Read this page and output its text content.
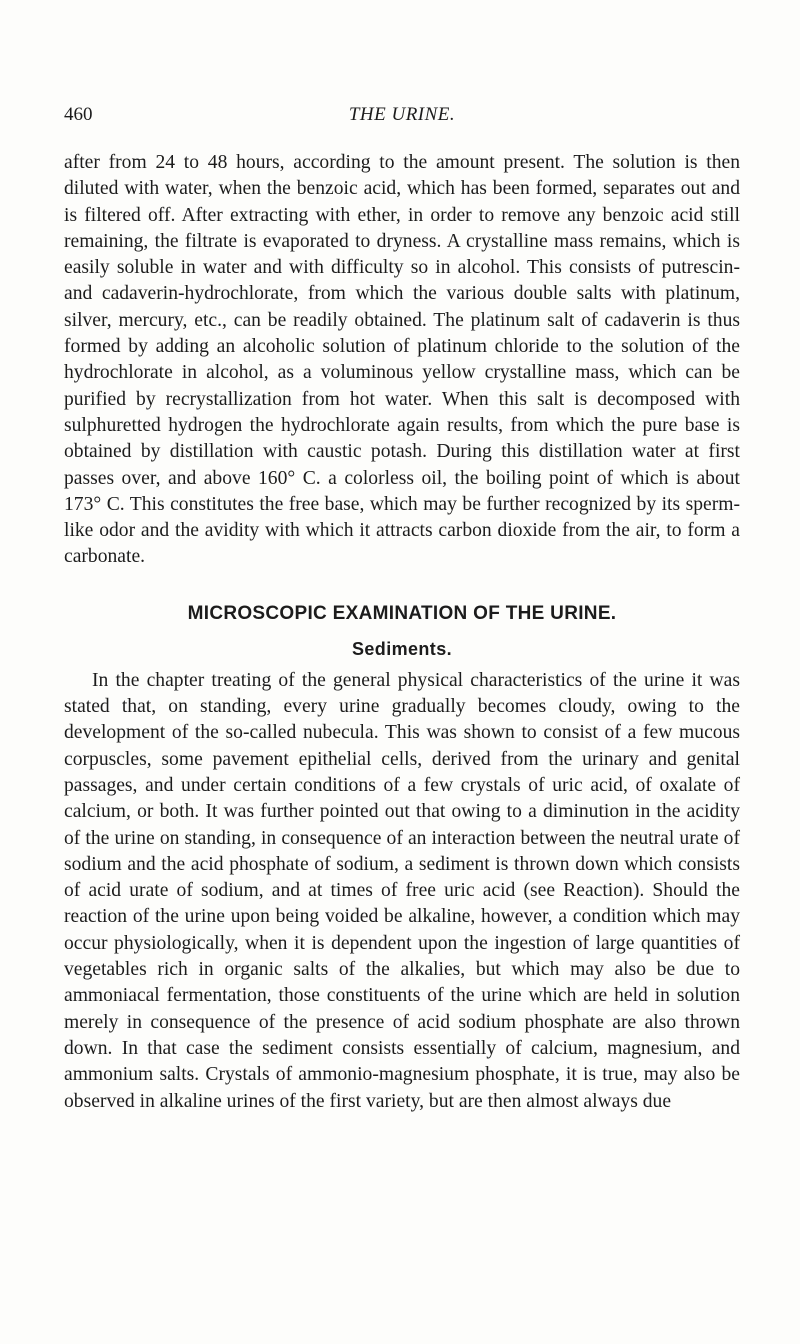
460	THE URINE.

after from 24 to 48 hours, according to the amount present. The solution is then diluted with water, when the benzoic acid, which has been formed, separates out and is filtered off. After extracting with ether, in order to remove any benzoic acid still remaining, the filtrate is evaporated to dryness. A crystalline mass remains, which is easily soluble in water and with difficulty so in alcohol. This consists of putrescin- and cadaverin-hydrochlorate, from which the various double salts with platinum, silver, mercury, etc., can be readily obtained. The platinum salt of cadaverin is thus formed by adding an alcoholic solution of platinum chloride to the solution of the hydrochlorate in alcohol, as a voluminous yellow crystalline mass, which can be purified by recrystallization from hot water. When this salt is decomposed with sulphuretted hydrogen the hydrochlorate again results, from which the pure base is obtained by distillation with caustic potash. During this distillation water at first passes over, and above 160° C. a colorless oil, the boiling point of which is about 173° C. This constitutes the free base, which may be further recognized by its sperm-like odor and the avidity with which it attracts carbon dioxide from the air, to form a carbonate.

MICROSCOPIC EXAMINATION OF THE URINE.
Sediments.

In the chapter treating of the general physical characteristics of the urine it was stated that, on standing, every urine gradually becomes cloudy, owing to the development of the so-called nubecula. This was shown to consist of a few mucous corpuscles, some pavement epithelial cells, derived from the urinary and genital passages, and under certain conditions of a few crystals of uric acid, of oxalate of calcium, or both. It was further pointed out that owing to a diminution in the acidity of the urine on standing, in consequence of an interaction between the neutral urate of sodium and the acid phosphate of sodium, a sediment is thrown down which consists of acid urate of sodium, and at times of free uric acid (see Reaction). Should the reaction of the urine upon being voided be alkaline, however, a condition which may occur physiologically, when it is dependent upon the ingestion of large quantities of vegetables rich in organic salts of the alkalies, but which may also be due to ammoniacal fermentation, those constituents of the urine which are held in solution merely in consequence of the presence of acid sodium phosphate are also thrown down. In that case the sediment consists essentially of calcium, magnesium, and ammonium salts. Crystals of ammonio-magnesium phosphate, it is true, may also be observed in alkaline urines of the first variety, but are then almost always due
